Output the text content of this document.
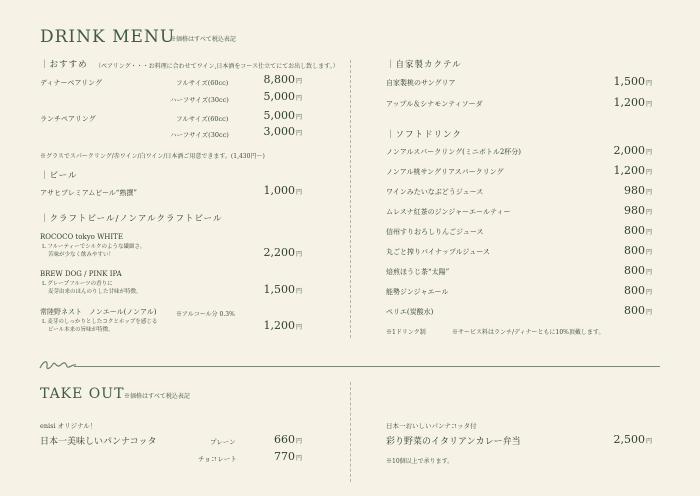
DRINK MENU
※価格はすべて税込表記
｜おすすめ （ペアリング・・・お料理に合わせてワイン,日本酒をコース仕立てにてお出し致します。）
ディナーペアリング	フルサイズ(60cc)	8,800円
ハーフサイズ(30cc)	5,000円
ランチペアリング	フルサイズ(60cc)	5,000円
ハーフサイズ(30cc)	3,000円
※グラスでスパークリング/赤ワイン/白ワイン/日本酒ご用意できます。(1,430円〜)
｜ビール
アサヒプレミアムビール“熟撰”	1,000円
｜クラフトビール/ノンアルクラフトビール
ROCOCO tokyo WHITE
L フルーティーでシルクのような繊細さ。
苦味が少なく飲みやすい！	2,200円
BREW DOG / PINK IPA
L グレープフルーツの香りに
麦芽由来のほんのりした甘味が特徴。	1,500円
常陸野ネスト　ノンエール(ノンアル)	※アルコール分 0.3%
L 麦芽のしっかりとしたコクとホップを感じる
ビール本来の旨味が特徴。	1,200円
｜自家製カクテル
自家製桃のサングリア	1,500円
アップル＆シナモンティソーダ	1,200円
｜ソフトドリンク
ノンアルスパークリング(ミニボトル2杯分)	2,000円
ノンアル桃サングリアスパークリング	1,200円
ワインみたいなぶどうジュース	980円
ムレスナ紅茶のジンジャーエールティー	980円
信州すりおろしりんごジュース	800円
丸ごと搾りパイナップルジュース	800円
焙煎ほうじ茶“太陽”	800円
能勢ジンジャエール	800円
ペリエ(炭酸水)	800円
※1ドリンク制	※サービス料はランチ/ディナーともに10%頂戴します。
TAKE OUT ※価格はすべて税込表記
enisi オリジナル！
日本一美味しいパンナコッタ	プレーン	660円
チョコレート	770円
日本一おいしいパンナコッタ付
彩り野菜のイタリアンカレー弁当	2,500円
※10個以上で承ります。
